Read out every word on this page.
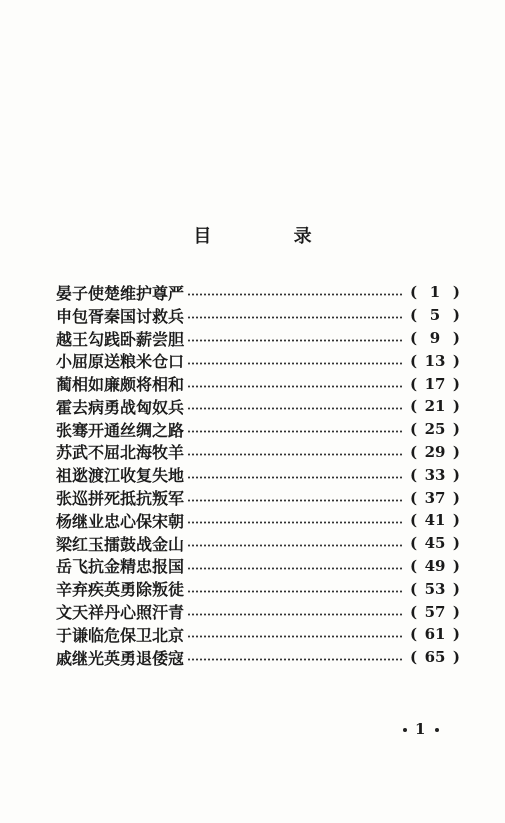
目 录
晏子使楚维护尊严	( 1 )
申包胥秦国讨救兵	( 5 )
越王勾践卧薪尝胆	( 9 )
小屈原送粮米仓口	( 13 )
蔺相如廉颇将相和	( 17 )
霍去病勇战匈奴兵	( 21 )
张骞开通丝绸之路	( 25 )
苏武不屈北海牧羊	( 29 )
祖逖渡江收复失地	( 33 )
张巡拼死抵抗叛军	( 37 )
杨继业忠心保宋朝	( 41 )
梁红玉擂鼓战金山	( 45 )
岳飞抗金精忠报国	( 49 )
辛弃疾英勇除叛徒	( 53 )
文天祥丹心照汗青	( 57 )
于谦临危保卫北京	( 61 )
戚继光英勇退倭寇	( 65 )
1
